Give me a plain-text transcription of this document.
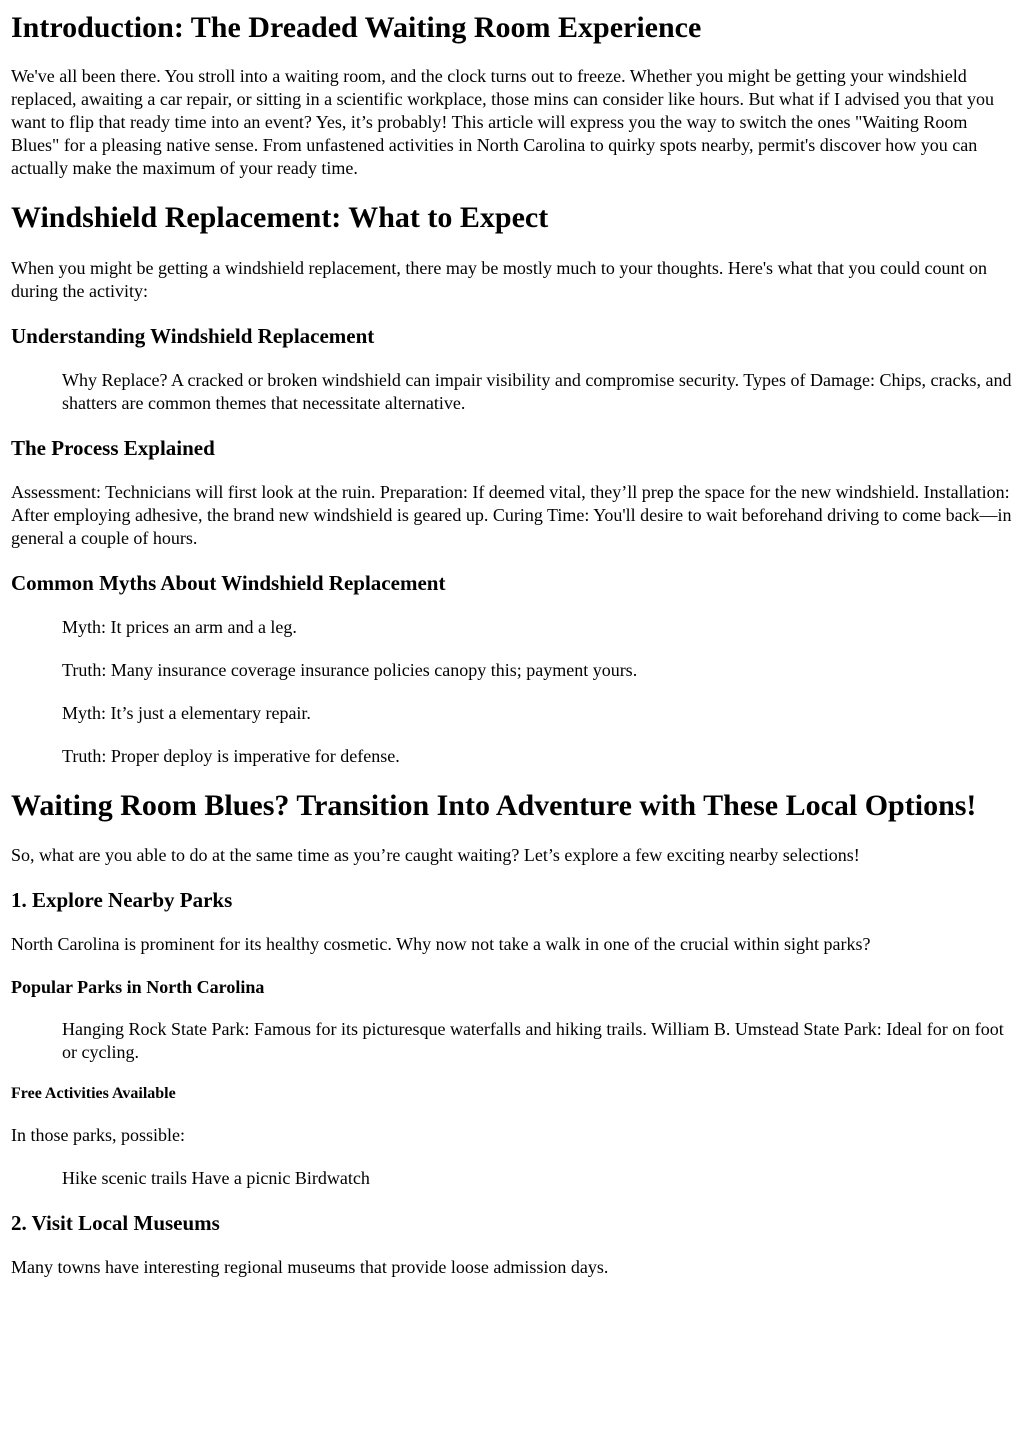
Introduction: The Dreaded Waiting Room Experience

We've all been there. You stroll into a waiting room, and the clock turns out to freeze. Whether you might be getting your windshield replaced, awaiting a car repair, or sitting in a scientific workplace, those mins can consider like hours. But what if I advised you that you want to flip that ready time into an event? Yes, it’s probably! This article will express you the way to switch the ones "Waiting Room Blues" for a pleasing native sense. From unfastened activities in North Carolina to quirky spots nearby, permit's discover how you can actually make the maximum of your ready time.

Windshield Replacement: What to Expect

When you might be getting a windshield replacement, there may be mostly much to your thoughts. Here's what that you could count on during the activity:

Understanding Windshield Replacement

Why Replace? A cracked or broken windshield can impair visibility and compromise security. Types of Damage: Chips, cracks, and shatters are common themes that necessitate alternative.

The Process Explained

Assessment: Technicians will first look at the ruin. Preparation: If deemed vital, they’ll prep the space for the new windshield. Installation: After employing adhesive, the brand new windshield is geared up. Curing Time: You'll desire to wait beforehand driving to come back—in general a couple of hours.

Common Myths About Windshield Replacement

Myth: It prices an arm and a leg.

Truth: Many insurance coverage insurance policies canopy this; payment yours.

Myth: It’s just a elementary repair.

Truth: Proper deploy is imperative for defense.

Waiting Room Blues? Transition Into Adventure with These Local Options!

So, what are you able to do at the same time as you’re caught waiting? Let’s explore a few exciting nearby selections!

1. Explore Nearby Parks

North Carolina is prominent for its healthy cosmetic. Why now not take a walk in one of the crucial within sight parks?

Popular Parks in North Carolina

Hanging Rock State Park: Famous for its picturesque waterfalls and hiking trails. William B. Umstead State Park: Ideal for on foot or cycling.

Free Activities Available

In those parks, possible:

Hike scenic trails Have a picnic Birdwatch

2. Visit Local Museums

Many towns have interesting regional museums that provide loose admission days.
